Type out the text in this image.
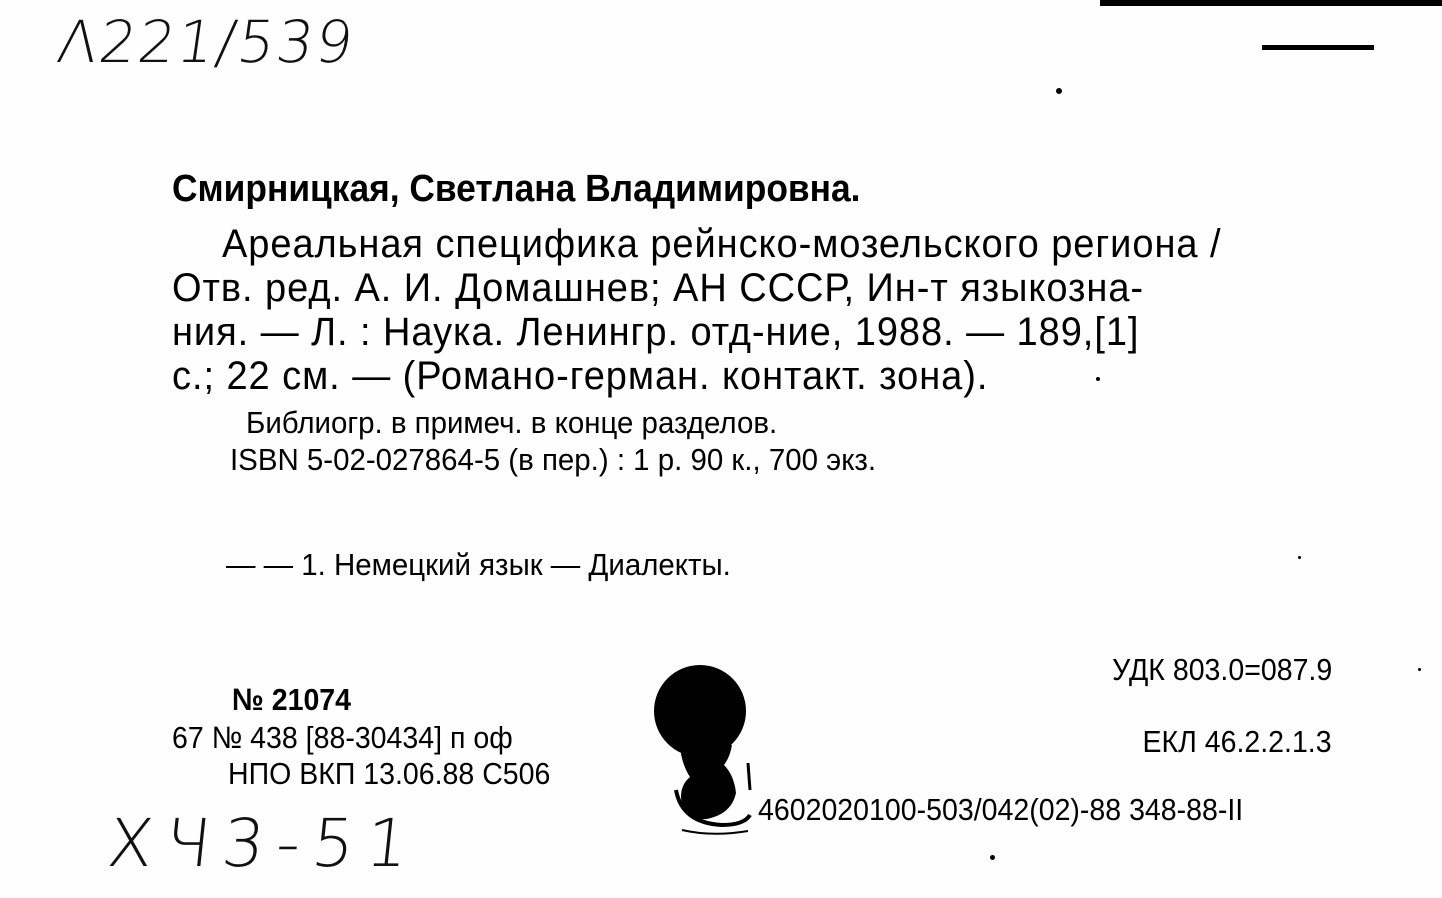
Λ221/539
Смирницкая, Светлана Владимировна.
Ареальная специфика рейнско-мозельского региона /
Отв. ред. А. И. Домашнев; АН СССР, Ин-т языкозна-
ния. — Л. : Наука. Ленингр. отд-ние, 1988. — 189,[1]
с.; 22 см. — (Романо-герман. контакт. зона).
Библиогр. в примеч. в конце разделов.
ISBN 5-02-027864-5 (в пер.) : 1 р. 90 к., 700 экз.
— — 1. Немецкий язык — Диалекты.
№ 21074
67 № 438 [88-30434] п оф
НПО ВКП 13.06.88 С506
УДК 803.0=087.9
ЕКЛ 46.2.2.1.3
4602020100-503/042(02)-88 348-88-II
ХЧ3-51
